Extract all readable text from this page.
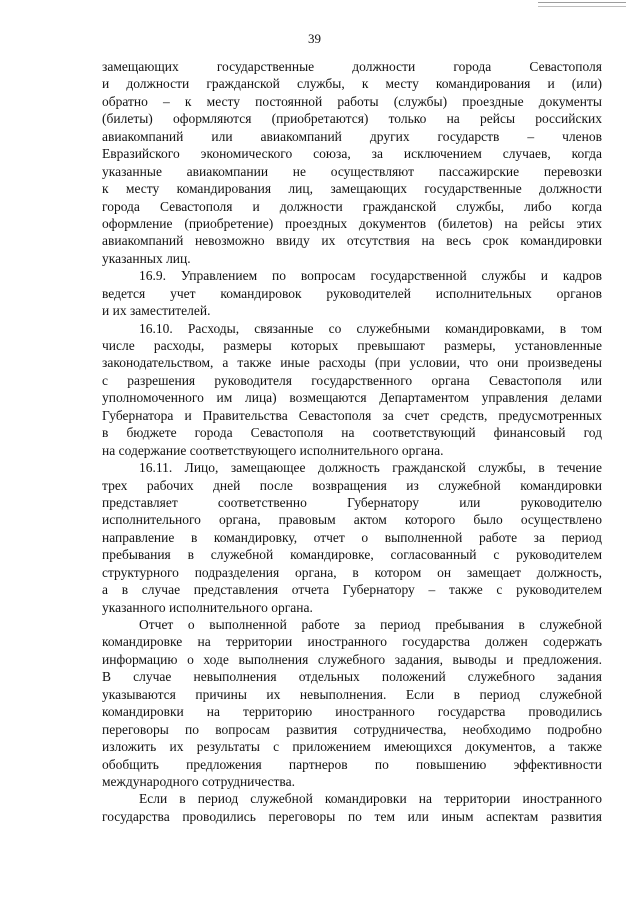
39
замещающих государственные должности города Севастополя
и должности гражданской службы, к месту командирования и (или)
обратно – к месту постоянной работы (службы) проездные документы
(билеты) оформляются (приобретаются) только на рейсы российских
авиакомпаний или авиакомпаний других государств – членов
Евразийского экономического союза, за исключением случаев, когда
указанные авиакомпании не осуществляют пассажирские перевозки
к месту командирования лиц, замещающих государственные должности
города Севастополя и должности гражданской службы, либо когда
оформление (приобретение) проездных документов (билетов) на рейсы этих
авиакомпаний невозможно ввиду их отсутствия на весь срок командировки
указанных лиц.
16.9. Управлением по вопросам государственной службы и кадров
ведется учет командировок руководителей исполнительных органов
и их заместителей.
16.10. Расходы, связанные со служебными командировками, в том
числе расходы, размеры которых превышают размеры, установленные
законодательством, а также иные расходы (при условии, что они произведены
с разрешения руководителя государственного органа Севастополя или
уполномоченного им лица) возмещаются Департаментом управления делами
Губернатора и Правительства Севастополя за счет средств, предусмотренных
в бюджете города Севастополя на соответствующий финансовый год
на содержание соответствующего исполнительного органа.
16.11. Лицо, замещающее должность гражданской службы, в течение
трех рабочих дней после возвращения из служебной командировки
представляет соответственно Губернатору или руководителю
исполнительного органа, правовым актом которого было осуществлено
направление в командировку, отчет о выполненной работе за период
пребывания в служебной командировке, согласованный с руководителем
структурного подразделения органа, в котором он замещает должность,
а в случае представления отчета Губернатору – также с руководителем
указанного исполнительного органа.
Отчет о выполненной работе за период пребывания в служебной
командировке на территории иностранного государства должен содержать
информацию о ходе выполнения служебного задания, выводы и предложения.
В случае невыполнения отдельных положений служебного задания
указываются причины их невыполнения. Если в период служебной
командировки на территорию иностранного государства проводились
переговоры по вопросам развития сотрудничества, необходимо подробно
изложить их результаты с приложением имеющихся документов, а также
обобщить предложения партнеров по повышению эффективности
международного сотрудничества.
Если в период служебной командировки на территории иностранного
государства проводились переговоры по тем или иным аспектам развития
